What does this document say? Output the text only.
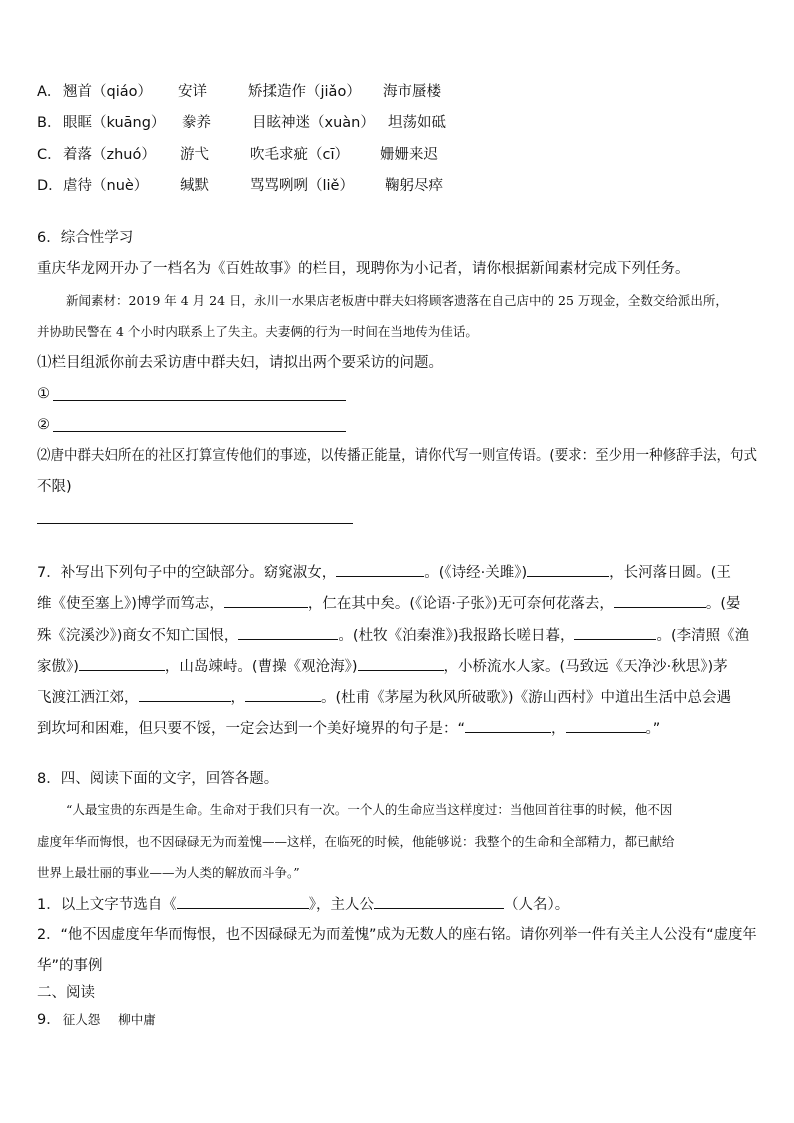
A． 翘首（qiáo） 安详	矫揉造作（jiǎo） 海市蜃楼
B． 眼眶（kuāng） 豢养	目眩神迷（xuàn） 坦荡如砥
C． 着落（zhuó） 游弋	吹毛求疵（cī） 姗姗来迟
D． 虐待（nuè） 缄默	骂骂咧咧（liě） 鞠躬尽瘁
6．综合性学习
重庆华龙网开办了一档名为《百姓故事》的栏目，现聘你为小记者，请你根据新闻素材完成下列任务。
新闻素材：2019 年 4 月 24 日，永川一水果店老板唐中群夫妇将顾客遗落在自己店中的 25 万现金，全数交给派出所，
并协助民警在 4 个小时内联系上了失主。夫妻俩的行为一时间在当地传为佳话。
⑴栏目组派你前去采访唐中群夫妇，请拟出两个要采访的问题。
①
②
⑵唐中群夫妇所在的社区打算宣传他们的事迹，以传播正能量，请你代写一则宣传语。(要求：至少用一种修辞手法，句式
不限)
7．补写出下列句子中的空缺部分。窈窕淑女，	。(《诗经·关雎》)	，长河落日圆。(王
维《使至塞上》)博学而笃志，	，仁在其中矣。(《论语·子张》)无可奈何花落去，	。(晏
殊《浣溪沙》)商女不知亡国恨，	。(杜牧《泊秦淮》)我报路长嗟日暮，	。(李清照《渔
家傲》)	，山岛竦峙。(曹操《观沧海》)	，小桥流水人家。(马致远《天净沙·秋思》)茅
飞渡江洒江郊，	，	。(杜甫《茅屋为秋风所破歌》)《游山西村》中道出生活中总会遇
到坎坷和困难，但只要不馁，一定会达到一个美好境界的句子是：“	，	。”
8．四、阅读下面的文字，回答各题。
“人最宝贵的东西是生命。生命对于我们只有一次。一个人的生命应当这样度过：当他回首往事的时候，他不因
虚度年华而悔恨，也不因碌碌无为而羞愧——这样，在临死的时候，他能够说：我整个的生命和全部精力，都已献给
世界上最壮丽的事业——为人类的解放而斗争。”
1．以上文字节选自《	》，主人公	（人名）。
2．“他不因虚度年华而悔恨，也不因碌碌无为而羞愧”成为无数人的座右铭。请你列举一件有关主人公没有“虚度年
华”的事例
二、阅读
9． 征人怨 柳中庸
